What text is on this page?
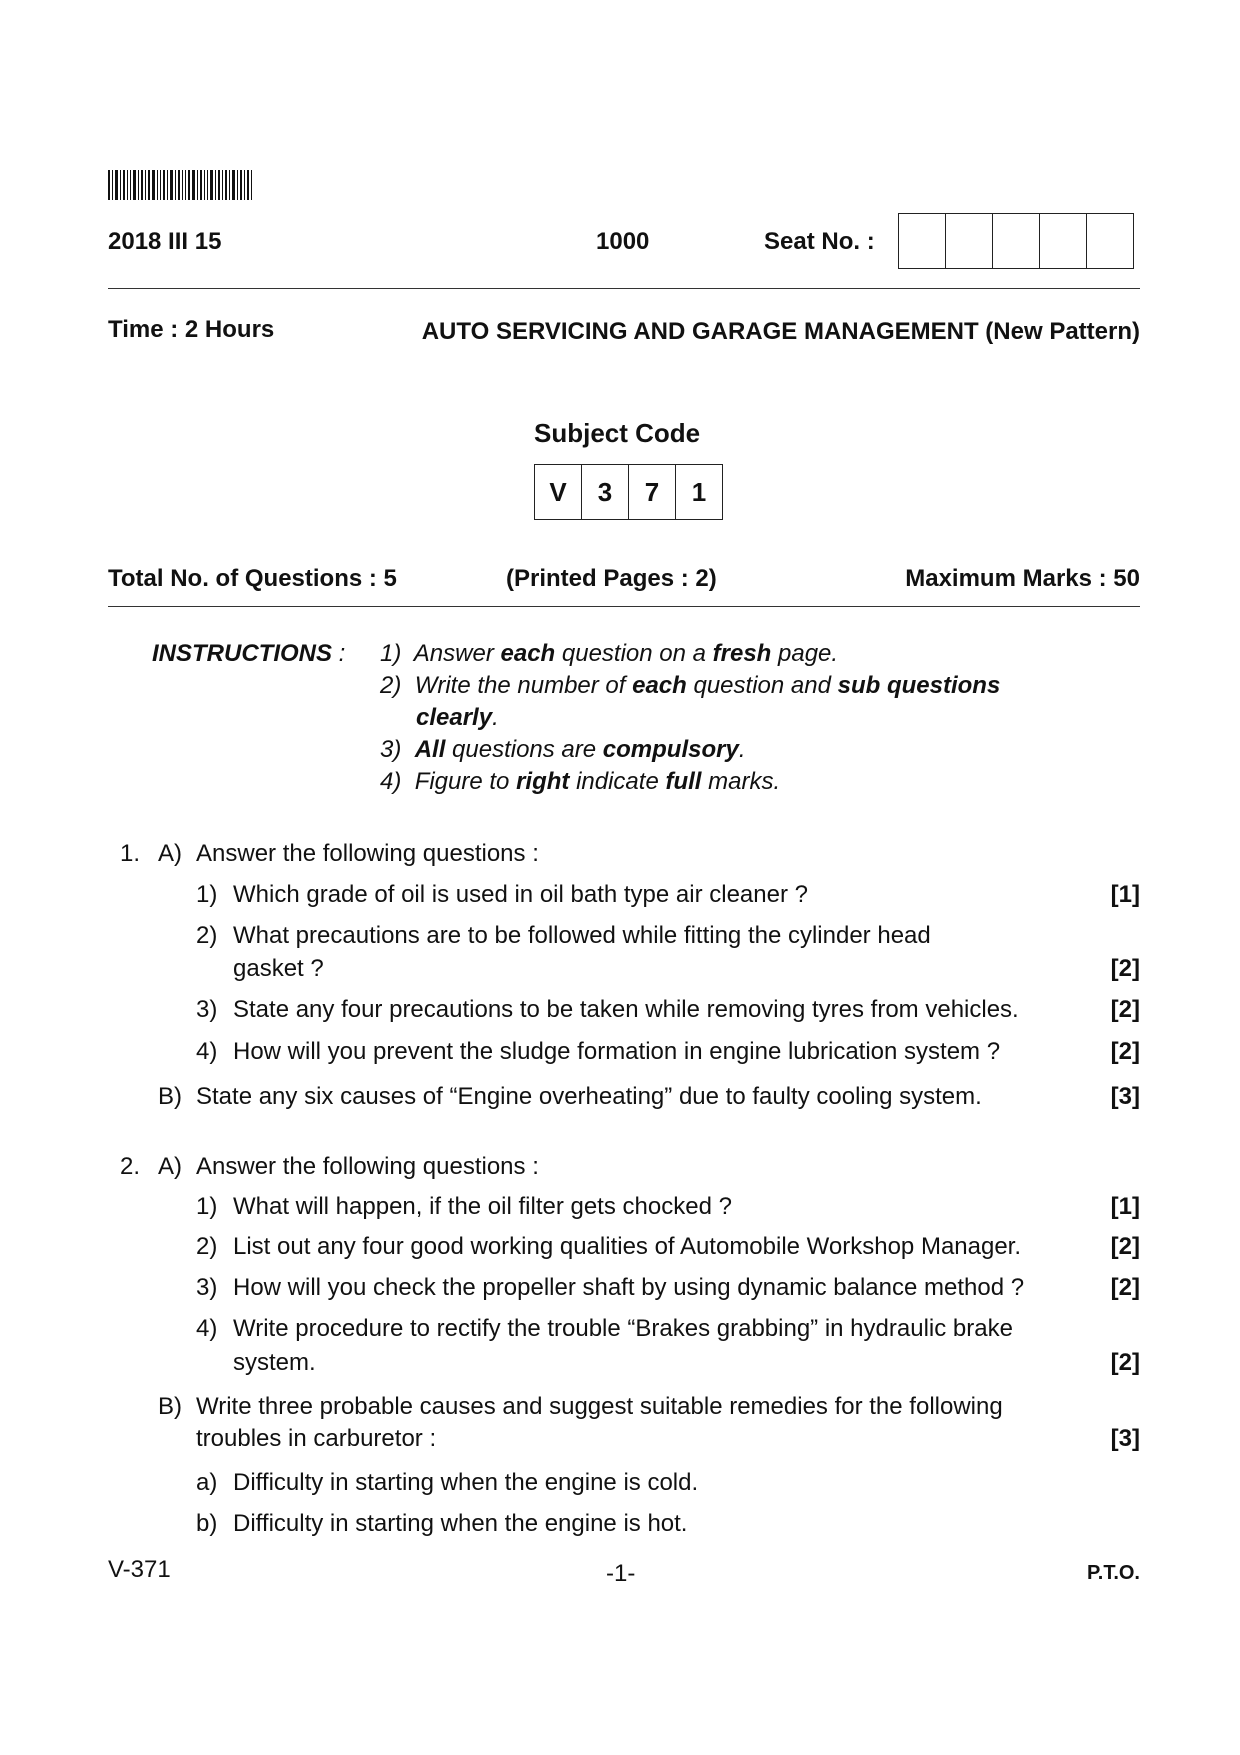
2018 III 15	1000	Seat No. :
Time : 2 Hours	AUTO SERVICING AND GARAGE MANAGEMENT (New Pattern)
Subject Code
V	3	7	1
Total No. of Questions : 5	(Printed Pages : 2)	Maximum Marks : 50
INSTRUCTIONS : 1) Answer each question on a fresh page.
2) Write the number of each question and sub questions
clearly.
3) All questions are compulsory.
4) Figure to right indicate full marks.
1. A) Answer the following questions :
1) Which grade of oil is used in oil bath type air cleaner ?	[1]
2) What precautions are to be followed while fitting the cylinder head
gasket ?	[2]
3) State any four precautions to be taken while removing tyres from vehicles.	[2]
4) How will you prevent the sludge formation in engine lubrication system ?	[2]
B) State any six causes of “Engine overheating” due to faulty cooling system.	[3]
2. A) Answer the following questions :
1) What will happen, if the oil filter gets chocked ?	[1]
2) List out any four good working qualities of Automobile Workshop Manager.	[2]
3) How will you check the propeller shaft by using dynamic balance method ?	[2]
4) Write procedure to rectify the trouble “Brakes grabbing” in hydraulic brake
system.	[2]
B) Write three probable causes and suggest suitable remedies for the following
troubles in carburetor :	[3]
a) Difficulty in starting when the engine is cold.
b) Difficulty in starting when the engine is hot.
V-371	-1-	P.T.O.
